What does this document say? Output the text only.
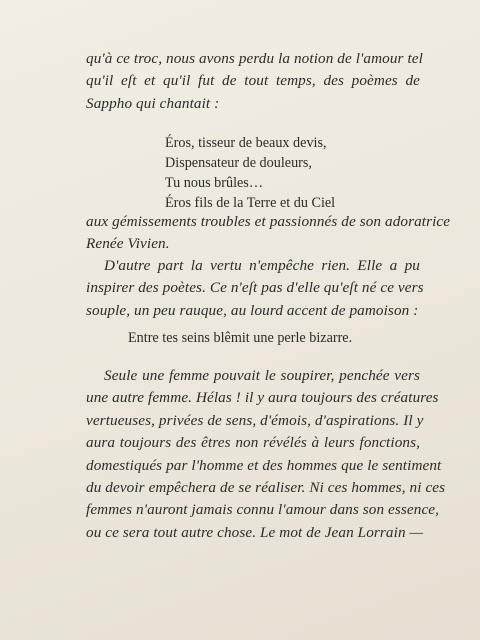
qu'à ce troc, nous avons perdu la notion de l'amour tel
qu'il eſt et qu'il fut de tout temps, des poèmes de
Sappho qui chantait :

Éros, tisseur de beaux devis,
Dispensateur de douleurs,
Tu nous brûles…
Éros fils de la Terre et du Ciel

aux gémissements troubles et passionnés de son adoratrice
Renée Vivien.

D'autre part la vertu n'empêche rien. Elle a pu
inspirer des poètes. Ce n'eſt pas d'elle qu'eſt né ce vers
souple, un peu rauque, au lourd accent de pamoison :

Entre tes seins blêmit une perle bizarre.

Seule une femme pouvait le soupirer, penchée vers
une autre femme. Hélas ! il y aura toujours des créatures
vertueuses, privées de sens, d'émois, d'aspirations. Il y
aura toujours des êtres non révélés à leurs fonctions,
domestiqués par l'homme et des hommes que le sentiment
du devoir empêchera de se réaliser. Ni ces hommes, ni ces
femmes n'auront jamais connu l'amour dans son essence,
ou ce sera tout autre chose. Le mot de Jean Lorrain —
